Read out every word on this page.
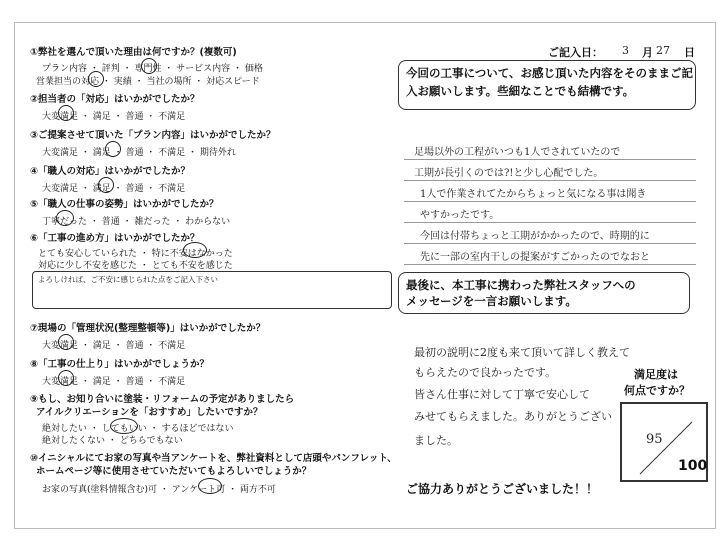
ご記入日： 3 月 27 日
①弊社を選んで頂いた理由は何ですか？(複数可)
プラン内容 ・ 評判 ・ 専門性 ・ サービス内容 ・ 価格
営業担当の対応 ・ 実績 ・ 当社の場所 ・ 対応スピード
②担当者の「対応」はいかがでしたか？
大変満足 ・ 満足 ・ 普通 ・ 不満足
③ご提案させて頂いた「プラン内容」はいかがでしたか？
大変満足 ・ 満足 ・ 普通 ・ 不満足 ・ 期待外れ
④「職人の対応」はいかがでしたか？
大変満足 ・ 満足 ・ 普通 ・ 不満足
⑤「職人の仕事の姿勢」はいかがでしたか？
丁寧だった ・ 普通 ・ 雑だった ・ わからない
⑥「工事の進め方」はいかがでしたか？
とても安心していられた ・ 特に不安はなかった
対応に少し不安を感じた ・ とても不安を感じた
よろしければ、ご不安に感じられた点をご記入下さい
⑦現場の「管理状況(整理整頓等)」はいかがでしたか？
大変満足 ・ 満足 ・ 普通 ・ 不満足
⑧「工事の仕上り」はいかがでしょうか？
大変満足 ・ 満足 ・ 普通 ・ 不満足
⑨もし、お知り合いに塗装・リフォームの予定がありましたら
アイルクリエーションを「おすすめ」したいですか？
絶対したい ・ してもいい ・ するほどではない
絶対したくない ・ どちらでもない
⑩イニシャルにてお家の写真や当アンケートを、弊社資料として店頭やパンフレット、
ホームページ等に使用させていただいてもよろしいでしょうか？
お家の写真(塗料情報含む)可 ・ アンケート可 ・ 両方不可
今回の工事について、お感じ頂いた内容をそのままご記
入お願いします。些細なことでも結構です。
足場以外の工程がいつも1人でされていたので
工期が長引くのでは?!と少し心配でした。
1人で作業されてたからちょっと気になる事は聞き
やすかったです。
今回は付帯ちょっと工期がかかったので、時期的に
先に一部の室内干しの提案がすごかったのでなおと
最後に、本工事に携わった弊社スタッフへの
メッセージを一言お願いします。
最初の説明に2度も来て頂いて詳しく教えて
もらえたので良かったです。
皆さん仕事に対して丁寧で安心して
みせてもらえました。ありがとうござい
ました。
満足度は
何点ですか？
95
100
ご協力ありがとうございました！！
